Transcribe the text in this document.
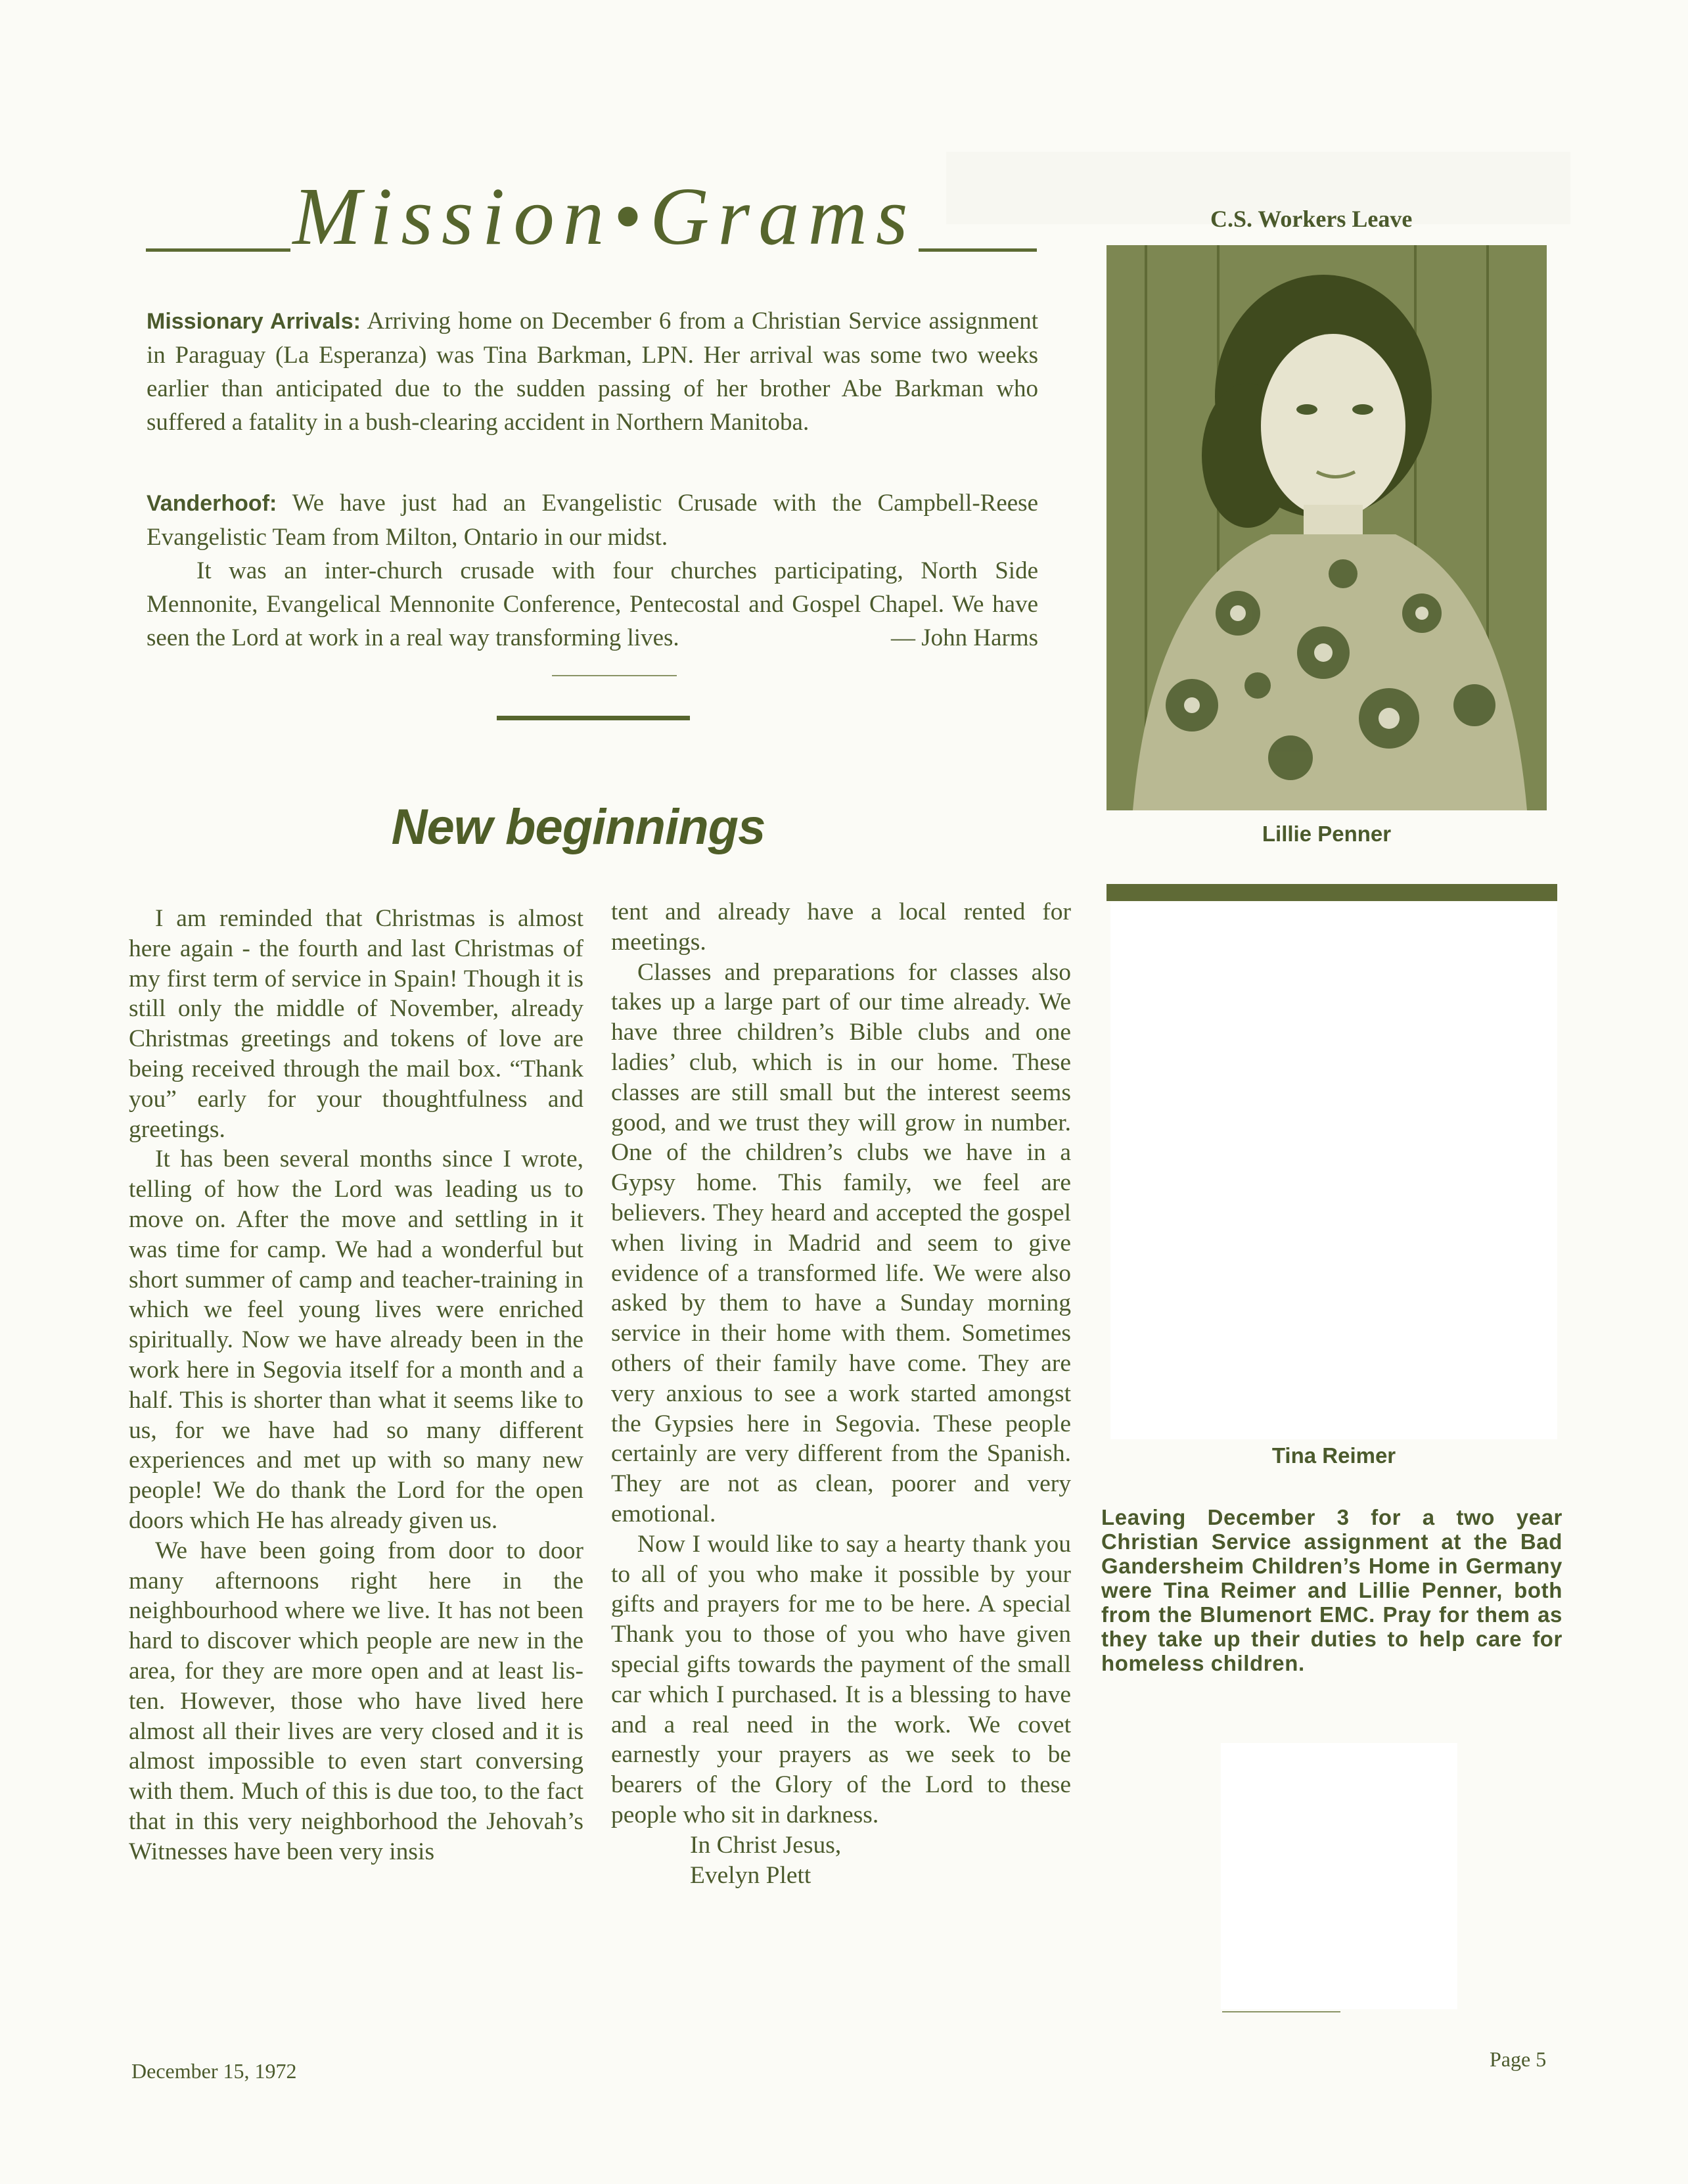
Mission•Grams

Missionary Arrivals: Arriving home on December 6 from a Christian Service assignment in Paraguay (La Esperanza) was Tina Barkman, LPN. Her arrival was some two weeks earlier than anticipated due to the sudden passing of her brother Abe Barkman who suffered a fatality in a bush-clearing accident in Northern Manitoba.

Vanderhoof: We have just had an Evangelistic Crusade with the Campbell-Reese Evangelistic Team from Milton, Ontario in our midst.

It was an inter-church crusade with four churches participating, North Side Mennonite, Evangelical Mennonite Conference, Pentecostal and Gospel Chapel. We have seen the Lord at work in a real way transforming lives.	— John Harms

New beginnings

I am reminded that Christmas is almost here again - the fourth and last Christmas of my first term of service in Spain! Though it is still only the middle of November, already Christmas greetings and tokens of love are being received through the mail box. “Thank you” early for your thoughtfulness and greetings.

It has been several months since I wrote, telling of how the Lord was leading us to move on. After the move and settling in it was time for camp. We had a wonderful but short summer of camp and teacher-training in which we feel young lives were enriched spiritually. Now we have already been in the work here in Segovia itself for a month and a half. This is shorter than what it seems like to us, for we have had so many different experiences and met up with so many new people! We do thank the Lord for the open doors which He has already given us.

We have been going from door to door many afternoons right here in the neighbourhood where we live. It has not been hard to discover which people are new in the area, for they are more open and at least listen. However, those who have lived here almost all their lives are very closed and it is almost impossible to even start conversing with them. Much of this is due too, to the fact that in this very neighborhood the Jehovah’s Witnesses have been very insis

tent and already have a local rented for meetings.

Classes and preparations for classes also takes up a large part of our time already. We have three children’s Bible clubs and one ladies’ club, which is in our home. These classes are still small but the interest seems good, and we trust they will grow in number. One of the children’s clubs we have in a Gypsy home. This family, we feel are believers. They heard and accepted the gospel when living in Madrid and seem to give evidence of a transformed life. We were also asked by them to have a Sunday morning service in their home with them. Sometimes others of their family have come. They are very anxious to see a work started amongst the Gypsies here in Segovia. These people certainly are very different from the Spanish. They are not as clean, poorer and very emotional.

Now I would like to say a hearty thank you to all of you who make it possible by your gifts and prayers for me to be here. A special Thank you to those of you who have given special gifts towards the payment of the small car which I purchased. It is a blessing to have and a real need in the work. We covet earnestly your prayers as we seek to be bearers of the Glory of the Lord to these people who sit in darkness.

In Christ Jesus,

Evelyn Plett

C.S. Workers Leave
Lillie Penner
Tina Reimer
Leaving December 3 for a two year Christian Service assignment at the Bad Gandersheim Children’s Home in Germany were Tina Reimer and Lillie Penner, both from the Blumenort EMC. Pray for them as they take up their duties to help care for homeless children.
December 15, 1972	Page 5
